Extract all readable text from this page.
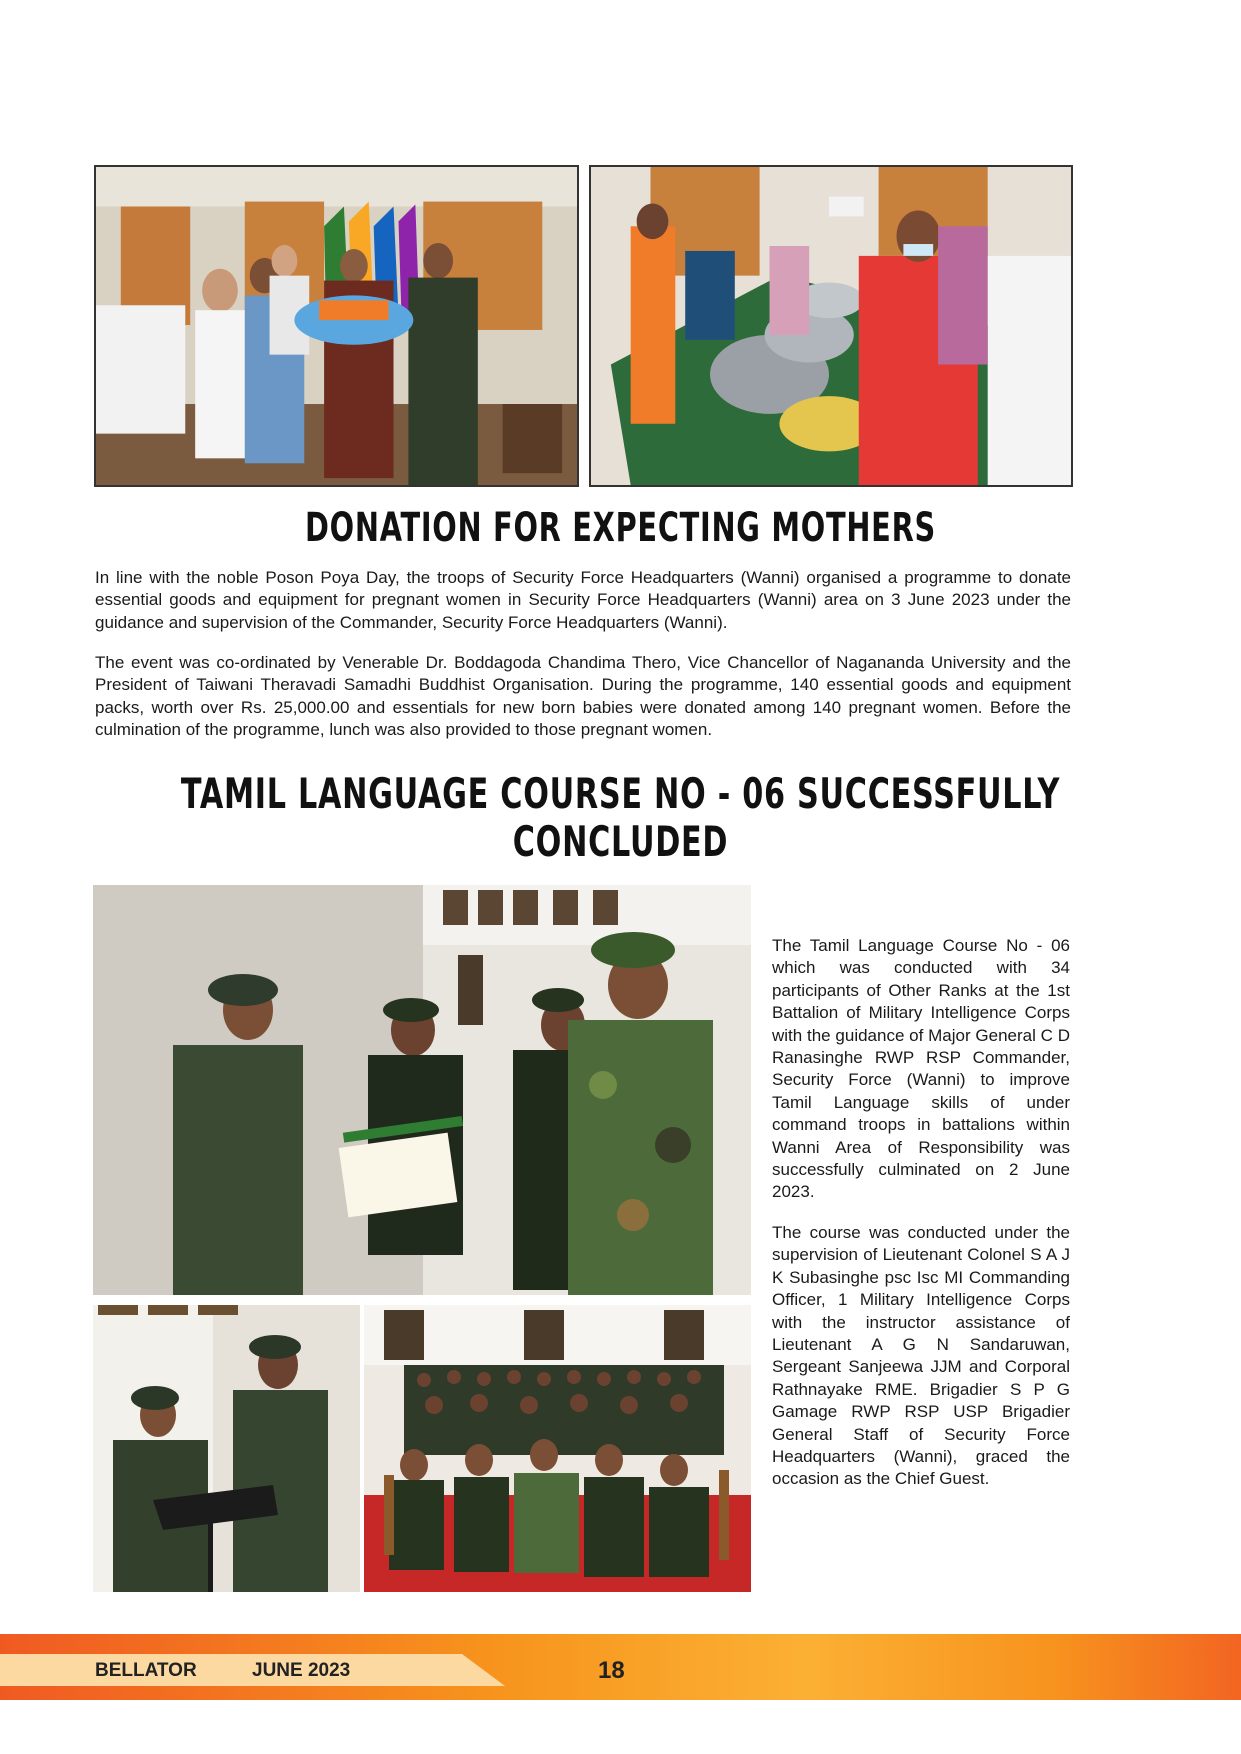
DONATION FOR EXPECTING MOTHERS

In line with the noble Poson Poya Day, the troops of Security Force Headquarters (Wanni) organised a programme to donate essential goods and equipment for pregnant women in Security Force Headquarters (Wanni) area on 3 June 2023 under the guidance and supervision of the Commander, Security Force Headquarters (Wanni).

The event was co-ordinated by Venerable Dr. Boddagoda Chandima Thero, Vice Chancellor of Nagananda University and the President of Taiwani Theravadi Samadhi Buddhist Organisation. During the programme, 140 essential goods and equipment packs, worth over Rs. 25,000.00 and essentials for new born babies were donated among 140 pregnant women. Before the culmination of the programme, lunch was also provided to those pregnant women.

TAMIL LANGUAGE COURSE NO - 06 SUCCESSFULLY
CONCLUDED

The Tamil Language Course No - 06 which was conducted with 34 participants of Other Ranks at the 1st Battalion of Military Intelligence Corps with the guidance of Major General C D Ranasinghe RWP RSP Commander, Security Force (Wanni) to improve Tamil Language skills of under command troops in battalions within Wanni Area of Responsibility was successfully culminated on 2 June 2023.

The course was conducted under the supervision of Lieutenant Colonel S A J K Subasinghe psc Isc MI Commanding Officer, 1 Military Intelligence Corps with the instructor assistance of Lieutenant A G N Sandaruwan, Sergeant Sanjeewa JJM and Corporal Rathnayake RME. Brigadier S P G Gamage RWP RSP USP Brigadier General Staff of Security Force Headquarters (Wanni), graced the occasion as the Chief Guest.

BELLATOR	JUNE 2023	18
